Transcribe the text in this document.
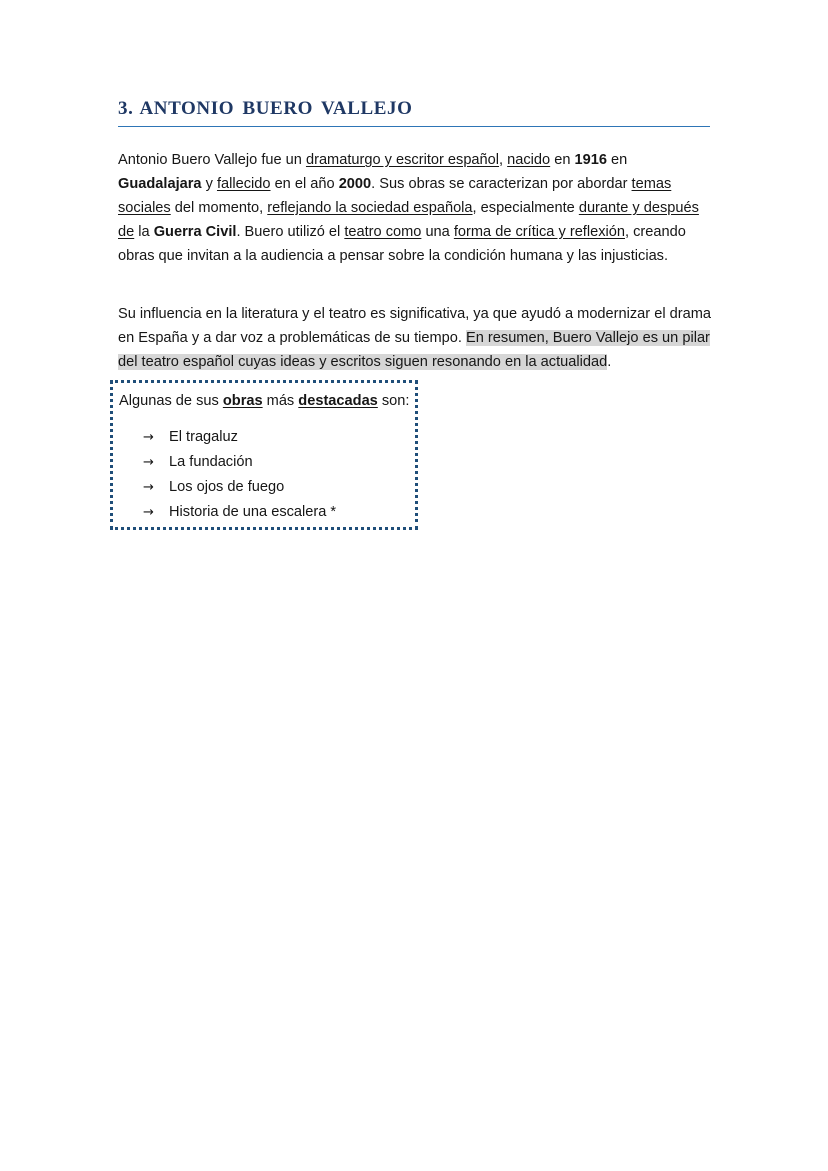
3. ANTONIO BUERO VALLEJO

Antonio Buero Vallejo fue un dramaturgo y escritor español, nacido en 1916 en Guadalajara y fallecido en el año 2000. Sus obras se caracterizan por abordar temas sociales del momento, reflejando la sociedad española, especialmente durante y después de la Guerra Civil. Buero utilizó el teatro como una forma de crítica y reflexión, creando obras que invitan a la audiencia a pensar sobre la condición humana y las injusticias.

Su influencia en la literatura y el teatro es significativa, ya que ayudó a modernizar el drama en España y a dar voz a problemáticas de su tiempo. En resumen, Buero Vallejo es un pilar del teatro español cuyas ideas y escritos siguen resonando en la actualidad.

Algunas de sus obras más destacadas son:

→ El tragaluz
→ La fundación
→ Los ojos de fuego
→ Historia de una escalera *
